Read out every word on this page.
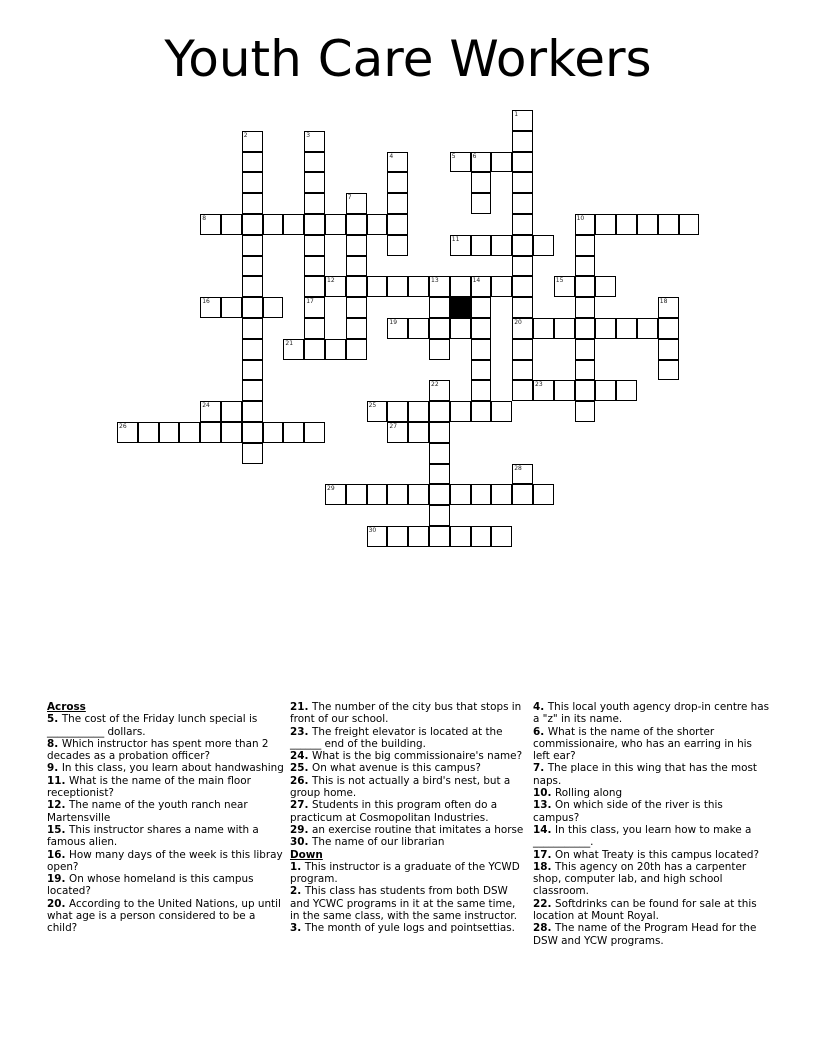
Youth Care Workers
5	6
8	10
11
12	13	14	15
16
19	20
21
23
24	25
26	27
29
30
1
2	3
4
7
17	18
22
28
Across
5. The cost of the Friday lunch special is ___________ dollars.
8. Which instructor has spent more than 2 decades as a probation officer?
9. In this class, you learn about handwashing
11. What is the name of the main floor receptionist?
12. The name of the youth ranch near Martensville
15. This instructor shares a name with a famous alien.
16. How many days of the week is this libray open?
19. On whose homeland is this campus located?
20. According to the United Nations, up until what age is a person considered to be a child?
21. The number of the city bus that stops in front of our school.
23. The freight elevator is located at the ______ end of the building.
24. What is the big commissionaire's name?
25. On what avenue is this campus?
26. This is not actually a bird's nest, but a group home.
27. Students in this program often do a practicum at Cosmopolitan Industries.
29. an exercise routine that imitates a horse
30. The name of our librarian
Down
1. This instructor is a graduate of the YCWD program.
2. This class has students from both DSW and YCWC programs in it at the same time, in the same class, with the same instructor.
3. The month of yule logs and pointsettias.
4. This local youth agency drop-in centre has a "z" in its name.
6. What is the name of the shorter commissionaire, who has an earring in his left ear?
7. The place in this wing that has the most naps.
10. Rolling along
13. On which side of the river is this campus?
14. In this class, you learn how to make a ___________.
17. On what Treaty is this campus located?
18. This agency on 20th has a carpenter shop, computer lab, and high school classroom.
22. Softdrinks can be found for sale at this location at Mount Royal.
28. The name of the Program Head for the DSW and YCW programs.
